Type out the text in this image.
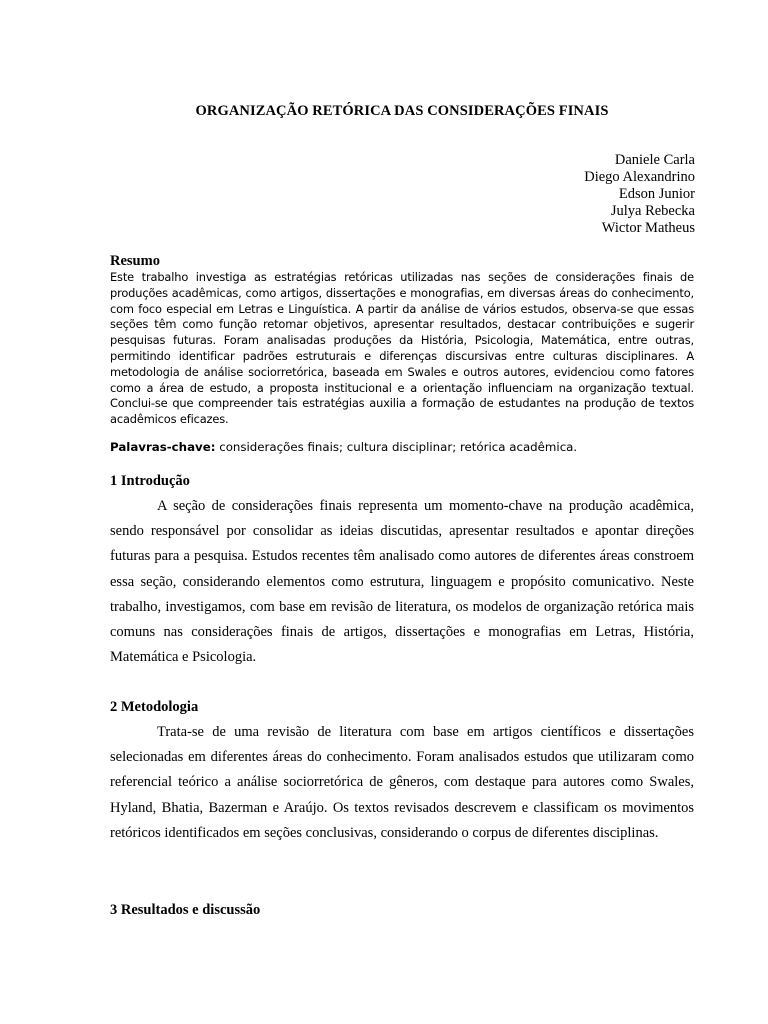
ORGANIZAÇÃO RETÓRICA DAS CONSIDERAÇÕES FINAIS
Daniele Carla
Diego Alexandrino
Edson Junior
Julya Rebecka
Wictor Matheus
Resumo
Este trabalho investiga as estratégias retóricas utilizadas nas seções de considerações finais de produções acadêmicas, como artigos, dissertações e monografias, em diversas áreas do conhecimento, com foco especial em Letras e Linguística. A partir da análise de vários estudos, observa-se que essas seções têm como função retomar objetivos, apresentar resultados, destacar contribuições e sugerir pesquisas futuras. Foram analisadas produções da História, Psicologia, Matemática, entre outras, permitindo identificar padrões estruturais e diferenças discursivas entre culturas disciplinares. A metodologia de análise sociorretórica, baseada em Swales e outros autores, evidenciou como fatores como a área de estudo, a proposta institucional e a orientação influenciam na organização textual. Conclui-se que compreender tais estratégias auxilia a formação de estudantes na produção de textos acadêmicos eficazes.
Palavras-chave: considerações finais; cultura disciplinar; retórica acadêmica.
1 Introdução
A seção de considerações finais representa um momento-chave na produção acadêmica, sendo responsável por consolidar as ideias discutidas, apresentar resultados e apontar direções futuras para a pesquisa. Estudos recentes têm analisado como autores de diferentes áreas constroem essa seção, considerando elementos como estrutura, linguagem e propósito comunicativo. Neste trabalho, investigamos, com base em revisão de literatura, os modelos de organização retórica mais comuns nas considerações finais de artigos, dissertações e monografias em Letras, História, Matemática e Psicologia.
2 Metodologia
Trata-se de uma revisão de literatura com base em artigos científicos e dissertações selecionadas em diferentes áreas do conhecimento. Foram analisados estudos que utilizaram como referencial teórico a análise sociorretórica de gêneros, com destaque para autores como Swales, Hyland, Bhatia, Bazerman e Araújo. Os textos revisados descrevem e classificam os movimentos retóricos identificados em seções conclusivas, considerando o corpus de diferentes disciplinas.
3 Resultados e discussão
